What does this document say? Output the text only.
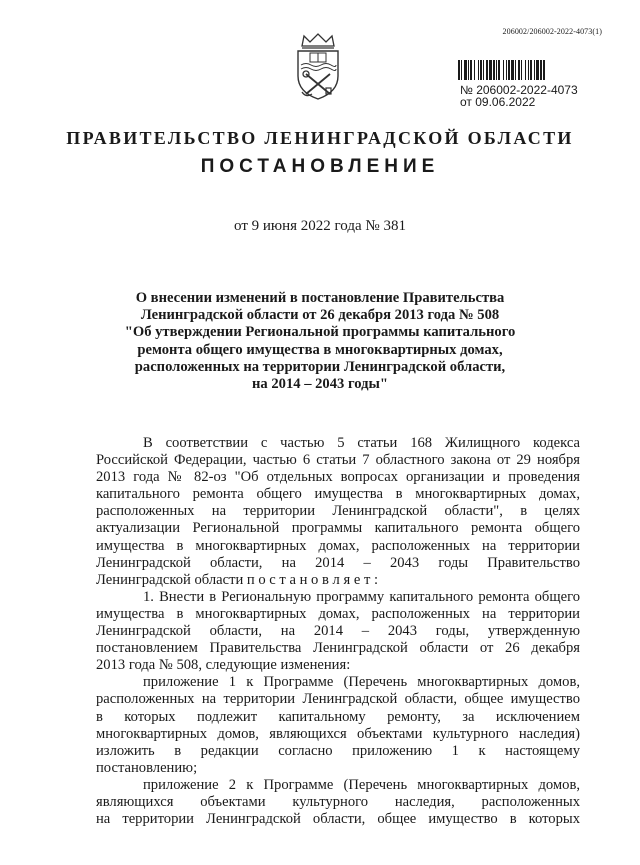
206002/206002-2022-4073(1)
№ 206002-2022-4073
от 09.06.2022
ПРАВИТЕЛЬСТВО ЛЕНИНГРАДСКОЙ ОБЛАСТИ
ПОСТАНОВЛЕНИЕ
от 9 июня 2022 года № 381
О внесении изменений в постановление Правительства
Ленинградской области от 26 декабря 2013 года № 508
"Об утверждении Региональной программы капитального
ремонта общего имущества в многоквартирных домах,
расположенных на территории Ленинградской области,
на 2014 – 2043 годы"
В соответствии с частью 5 статьи 168 Жилищного кодекса
Российской Федерации, частью 6 статьи 7 областного закона от 29 ноября
2013 года № 82-оз "Об отдельных вопросах организации и проведения
капитального ремонта общего имущества в многоквартирных домах,
расположенных на территории Ленинградской области", в целях
актуализации Региональной программы капитального ремонта общего
имущества в многоквартирных домах, расположенных на территории
Ленинградской области, на 2014 – 2043 годы Правительство
Ленинградской области п о с т а н о в л я е т :
1. Внести в Региональную программу капитального ремонта общего
имущества в многоквартирных домах, расположенных на территории
Ленинградской области, на 2014 – 2043 годы, утвержденную
постановлением Правительства Ленинградской области от 26 декабря
2013 года № 508, следующие изменения:
приложение 1 к Программе (Перечень многоквартирных домов,
расположенных на территории Ленинградской области, общее имущество
в которых подлежит капитальному ремонту, за исключением
многоквартирных домов, являющихся объектами культурного наследия)
изложить в редакции согласно приложению 1 к настоящему
постановлению;
приложение 2 к Программе (Перечень многоквартирных домов,
являющихся объектами культурного наследия, расположенных
на территории Ленинградской области, общее имущество в которых
